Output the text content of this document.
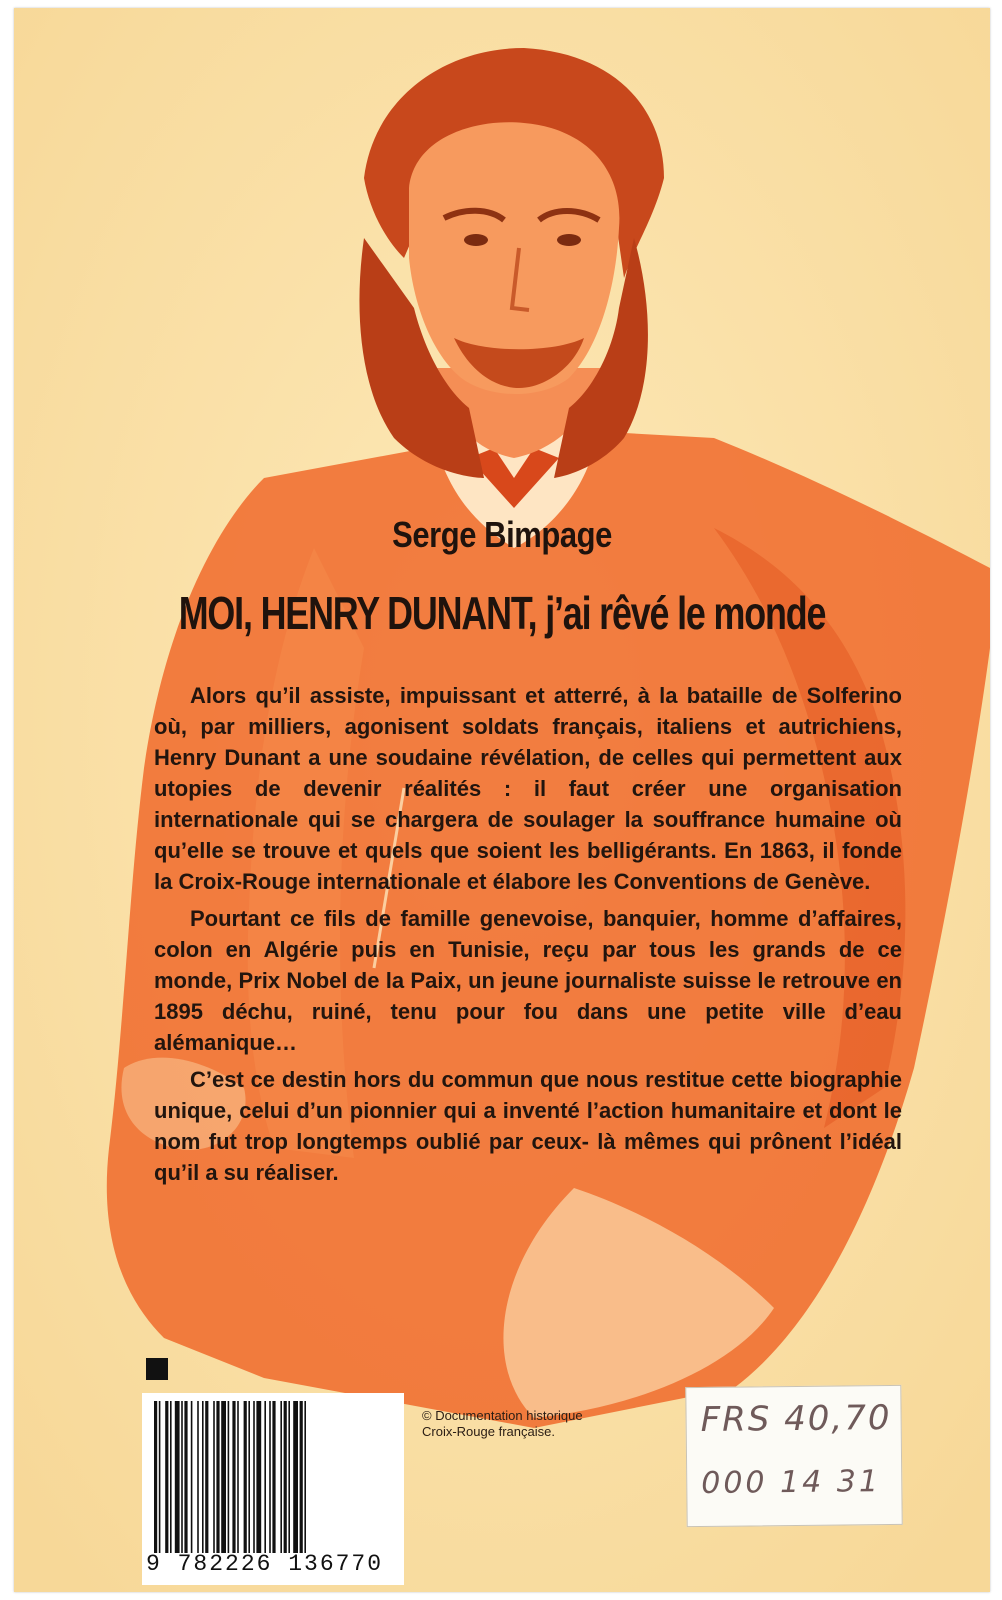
Serge Bimpage
MOI, HENRY DUNANT, j’ai rêvé le monde

Alors qu’il assiste, impuissant et atterré, à la bataille de Solferino où, par milliers, agonisent soldats français, italiens et autrichiens, Henry Dunant a une soudaine révélation, de celles qui permettent aux utopies de devenir réalités : il faut créer une organisation internationale qui se chargera de soulager la souffrance humaine où qu’elle se trouve et quels que soient les belligérants. En 1863, il fonde la Croix-Rouge internationale et élabore les Conventions de Genève.

Pourtant ce fils de famille genevoise, banquier, homme d’affaires, colon en Algérie puis en Tunisie, reçu par tous les grands de ce monde, Prix Nobel de la Paix, un jeune journaliste suisse le retrouve en 1895 déchu, ruiné, tenu pour fou dans une petite ville d’eau alémanique…

C’est ce destin hors du commun que nous restitue cette biographie unique, celui d’un pionnier qui a inventé l’action humanitaire et dont le nom fut trop longtemps oublié par ceux- là mêmes qui prônent l’idéal qu’il a su réaliser.

9 782226 136770
© Documentation historique
Croix-Rouge française.	FRS 40,70
000 14 31
